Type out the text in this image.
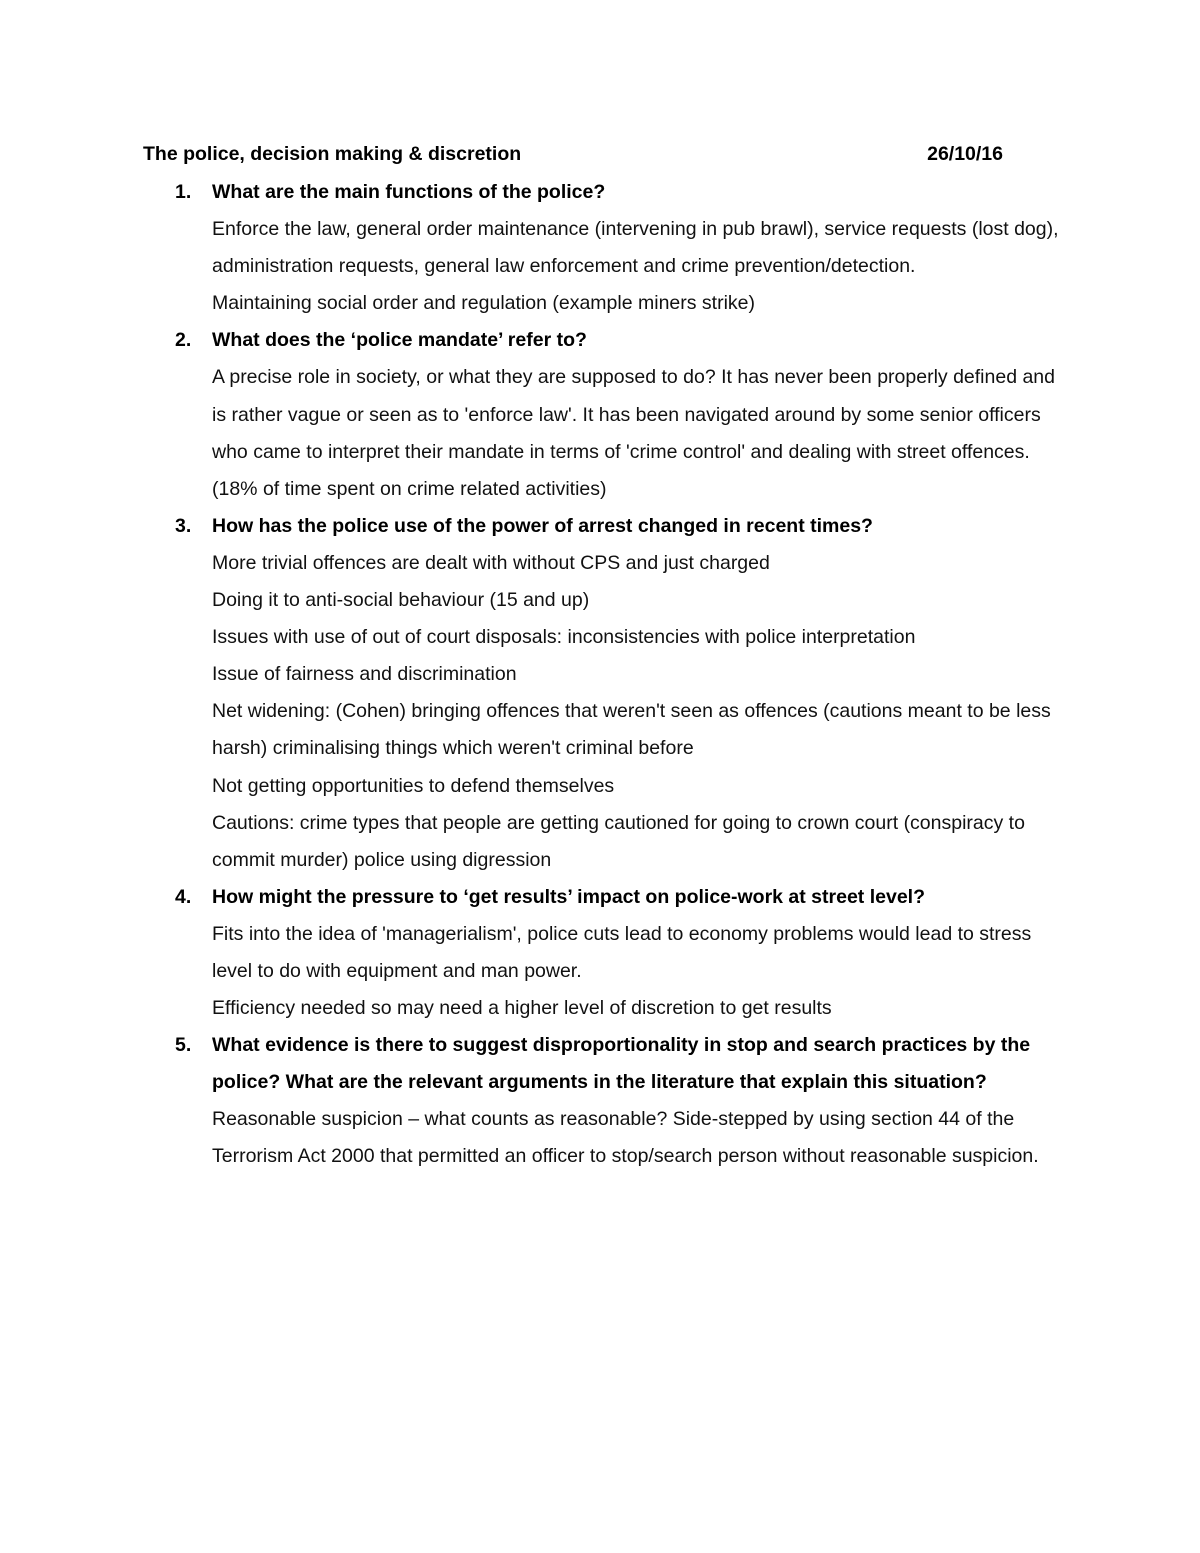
The police, decision making & discretion	26/10/16
1. What are the main functions of the police?
Enforce the law, general order maintenance (intervening in pub brawl), service requests (lost dog), administration requests, general law enforcement and crime prevention/detection.
Maintaining social order and regulation (example miners strike)
2. What does the ‘police mandate’ refer to?
A precise role in society, or what they are supposed to do? It has never been properly defined and is rather vague or seen as to 'enforce law'. It has been navigated around by some senior officers who came to interpret their mandate in terms of 'crime control' and dealing with street offences.
(18% of time spent on crime related activities)
3. How has the police use of the power of arrest changed in recent times?
More trivial offences are dealt with without CPS and just charged
Doing it to anti-social behaviour (15 and up)
Issues with use of out of court disposals: inconsistencies with police interpretation
Issue of fairness and discrimination
Net widening: (Cohen) bringing offences that weren't seen as offences (cautions meant to be less harsh) criminalising things which weren't criminal before
Not getting opportunities to defend themselves
Cautions: crime types that people are getting cautioned for going to crown court (conspiracy to commit murder) police using digression
4. How might the pressure to ‘get results’ impact on police-work at street level?
Fits into the idea of 'managerialism', police cuts lead to economy problems would lead to stress level to do with equipment and man power.
Efficiency needed so may need a higher level of discretion to get results
5. What evidence is there to suggest disproportionality in stop and search practices by the police? What are the relevant arguments in the literature that explain this situation?
Reasonable suspicion – what counts as reasonable? Side-stepped by using section 44 of the Terrorism Act 2000 that permitted an officer to stop/search person without reasonable suspicion.
